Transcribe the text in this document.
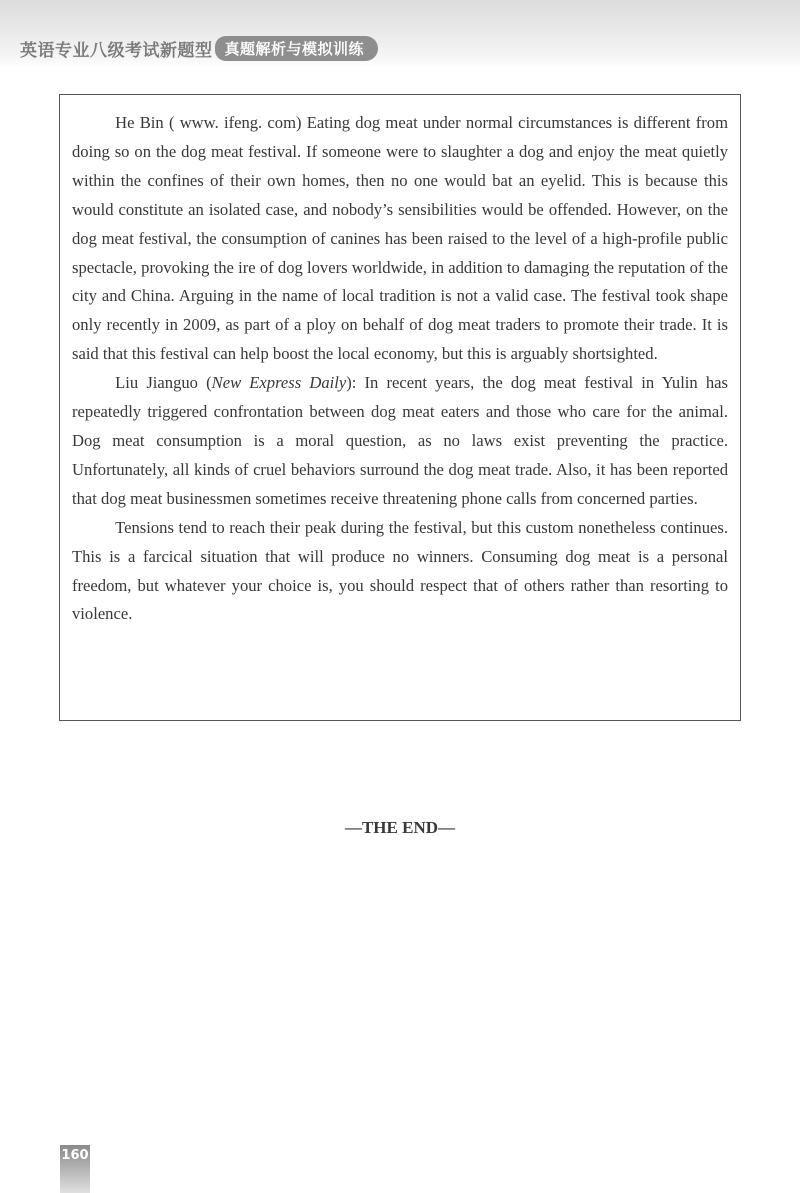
英语专业八级考试新题型 真题解析与模拟训练

He Bin ( www. ifeng. com) Eating dog meat under normal circumstances is different from doing so on the dog meat festival. If someone were to slaughter a dog and enjoy the meat quietly within the confines of their own homes, then no one would bat an eyelid. This is because this would constitute an isolated case, and nobody’s sensibilities would be offended. However, on the dog meat festival, the consumption of canines has been raised to the level of a high-profile public spectacle, provoking the ire of dog lovers worldwide, in addition to damaging the reputation of the city and China. Arguing in the name of local tradition is not a valid case. The festival took shape only recently in 2009, as part of a ploy on behalf of dog meat traders to promote their trade. It is said that this festival can help boost the local economy, but this is arguably shortsighted.

Liu Jianguo (New Express Daily): In recent years, the dog meat festival in Yulin has repeatedly triggered confrontation between dog meat eaters and those who care for the animal. Dog meat consumption is a moral question, as no laws exist preventing the practice. Unfortunately, all kinds of cruel behaviors surround the dog meat trade. Also, it has been reported that dog meat businessmen sometimes receive threatening phone calls from concerned parties.

Tensions tend to reach their peak during the festival, but this custom nonetheless continues. This is a farcical situation that will produce no winners. Consuming dog meat is a personal freedom, but whatever your choice is, you should respect that of others rather than resorting to violence.

—THE END—
160
